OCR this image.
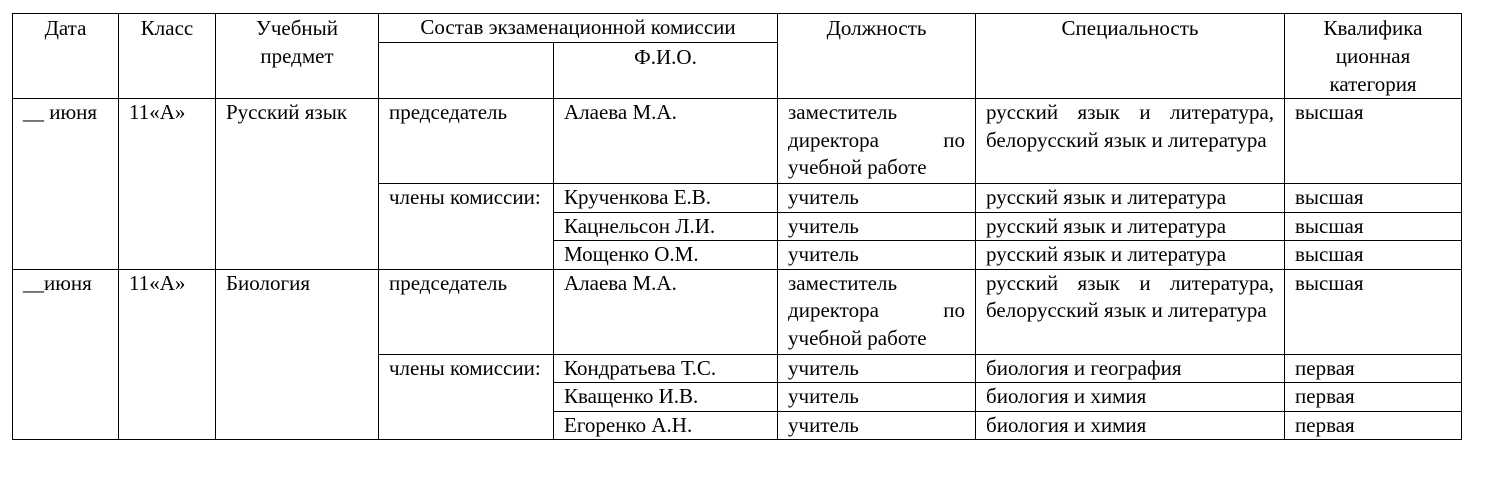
Дата	Класс	Учебный предмет	Состав экзаменационной комиссии		Должность	Специальность	Квалифика ционная категория
				Ф.И.О.			
__ июня	11«А»	Русский язык	председатель	Алаева М.А.	заместитель директора по учебной работе	русский язык и литература, белорусский язык и литература	высшая
			члены комиссии:	Крученкова Е.В.	учитель	русский язык и литература	высшая
				Кацнельсон Л.И.	учитель	русский язык и литература	высшая
				Мощенко О.М.	учитель	русский язык и литература	высшая
__июня	11«А»	Биология	председатель	Алаева М.А.	заместитель директора по учебной работе	русский язык и литература, белорусский язык и литература	высшая
			члены комиссии:	Кондратьева Т.С.	учитель	биология и география	первая
				Кващенко И.В.	учитель	биология и химия	первая
				Егоренко А.Н.	учитель	биология и химия	первая
